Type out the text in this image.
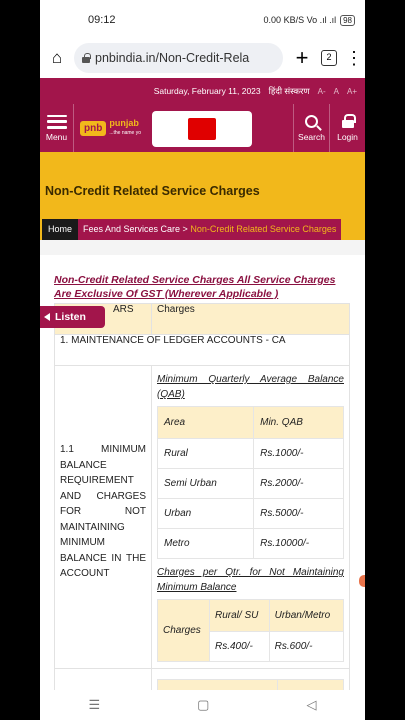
09:12	0.00 KB/S Vo .ıl .ıl 98
⌂	pnbindia.in/Non-Credit-Rela +	2 ⋮
Saturday, February 11, 2023 हिंदी संस्करण A- A A+
Menu
pnb punjab
...the name yo	Search Login
Non-Credit Related Service Charges
Home	Fees And Services Care > Non-Credit Related Service Charges
Non-Credit Related Service Charges All Service Charges Are Exclusive Of GST (Wherever Applicable )
ARS	Charges
1. MAINTENANCE OF LEDGER ACCOUNTS - CA

1.1 MINIMUM
BALANCE
REQUIREMENT
AND CHARGES
FOR NOT
MAINTAINING
MINIMUM
BALANCE IN THE

ACCOUNT

Minimum Quarterly Average Balance (QAB)
Area	Min. QAB
Rural	Rs.1000/-
Semi Urban	Rs.2000/-
Urban	Rs.5000/-
Metro	Rs.10000/-
Charges per Qtr. for Not Maintaining Minimum Balance
Charges	Rural/ SU	Urban/Metro
Rs.400/-	Rs.600/-

Listen
☰	▢	◁
